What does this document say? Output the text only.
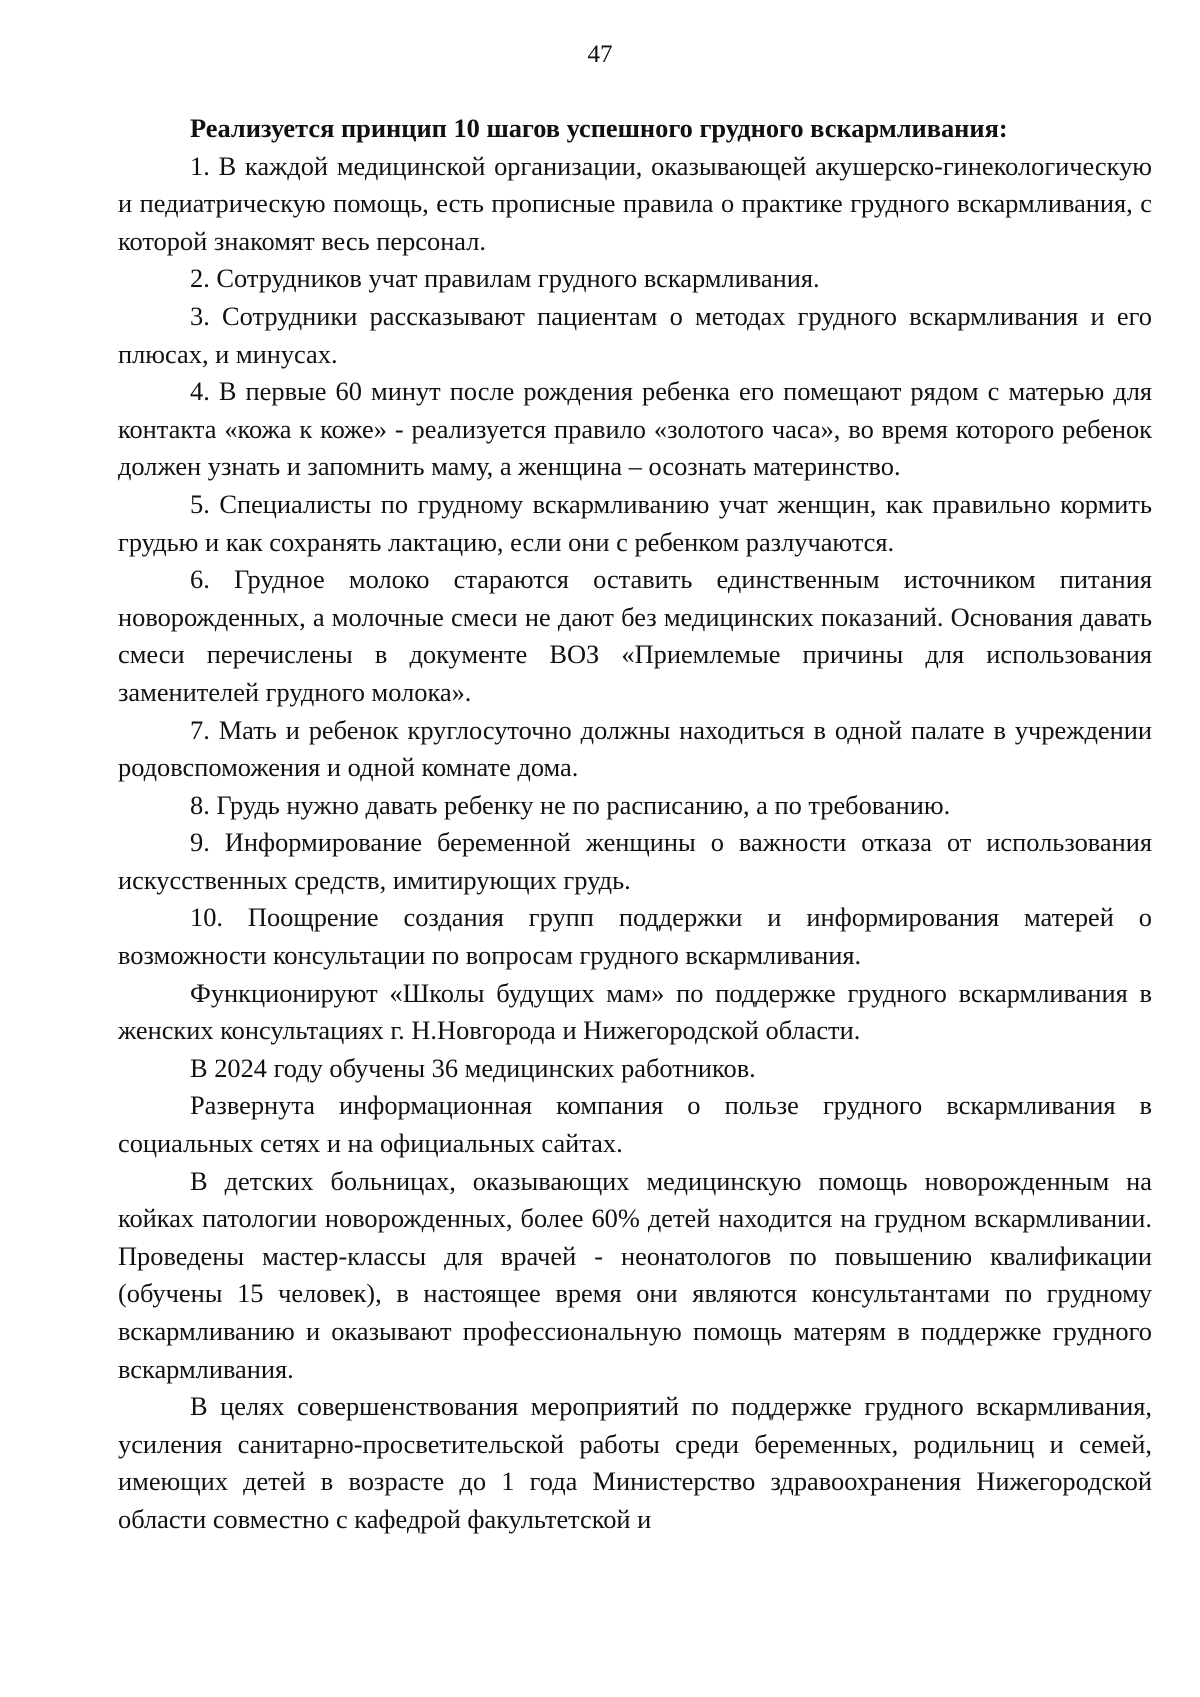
47

Реализуется принцип 10 шагов успешного грудного вскармливания:

1. В каждой медицинской организации, оказывающей акушерско-гинекологическую и педиатрическую помощь, есть прописные правила о практике грудного вскармливания, с которой знакомят весь персонал.

2. Сотрудников учат правилам грудного вскармливания.

3. Сотрудники рассказывают пациентам о методах грудного вскармливания и его плюсах, и минусах.

4. В первые 60 минут после рождения ребенка его помещают рядом с матерью для контакта «кожа к коже» - реализуется правило «золотого часа», во время которого ребенок должен узнать и запомнить маму, а женщина – осознать материнство.

5. Специалисты по грудному вскармливанию учат женщин, как правильно кормить грудью и как сохранять лактацию, если они с ребенком разлучаются.

6. Грудное молоко стараются оставить единственным источником питания новорожденных, а молочные смеси не дают без медицинских показаний. Основания давать смеси перечислены в документе ВОЗ «Приемлемые причины для использования заменителей грудного молока».

7. Мать и ребенок круглосуточно должны находиться в одной палате в учреждении родовспоможения и одной комнате дома.

8. Грудь нужно давать ребенку не по расписанию, а по требованию.

9. Информирование беременной женщины о важности отказа от использования искусственных средств, имитирующих грудь.

10. Поощрение создания групп поддержки и информирования матерей о возможности консультации по вопросам грудного вскармливания.

Функционируют «Школы будущих мам» по поддержке грудного вскармливания в женских консультациях г. Н.Новгорода и Нижегородской области.

В 2024 году обучены 36 медицинских работников.

Развернута информационная компания о пользе грудного вскармливания в социальных сетях и на официальных сайтах.

В детских больницах, оказывающих медицинскую помощь новорожденным на койках патологии новорожденных, более 60% детей находится на грудном вскармливании. Проведены мастер-классы для врачей - неонатологов по повышению квалификации (обучены 15 человек), в настоящее время они являются консультантами по грудному вскармливанию и оказывают профессиональную помощь матерям в поддержке грудного вскармливания.

В целях совершенствования мероприятий по поддержке грудного вскармливания, усиления санитарно-просветительской работы среди беременных, родильниц и семей, имеющих детей в возрасте до 1 года Министерство здравоохранения Нижегородской области совместно с кафедрой факультетской и
